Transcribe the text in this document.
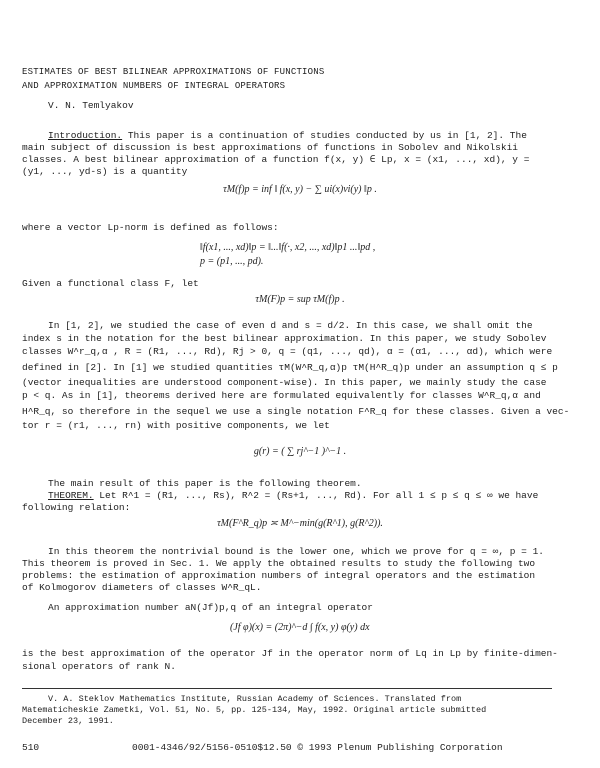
ESTIMATES OF BEST BILINEAR APPROXIMATIONS OF FUNCTIONS
AND APPROXIMATION NUMBERS OF INTEGRAL OPERATORS
V. N. Temlyakov
Introduction. This paper is a continuation of studies conducted by us in [1, 2]. The
main subject of discussion is best approximations of functions in Sobolev and Nikolskii
classes. A best bilinear approximation of a function f(x, y) ∈ Lp, x = (x1, ..., xd), y =
(y1, ..., yd-s) is a quantity
τM(f)p = inf ‖ f(x, y) − ∑ ui(x)vi(y) ‖p .
where a vector Lp-norm is defined as follows:
‖f(x1, ..., xd)‖p = ‖...‖f(·, x2, ..., xd)‖p1 ...‖pd ,
p = (p1, ..., pd).
Given a functional class F, let
τM(F)p = sup τM(f)p .
In [1, 2], we studied the case of even d and s = d/2. In this case, we shall omit the
index s in the notation for the best bilinear approximation. In this paper, we study Sobolev
classes W^r_q,α , R = (R1, ..., Rd), Rj > 0, q = (q1, ..., qd), α = (α1, ..., αd), which were
defined in [2]. In [1] we studied quantities τM(W^R_q,α)p τM(H^R_q)p under an assumption q ≤ p
(vector inequalities are understood component-wise). In this paper, we mainly study the case
p < q. As in [1], theorems derived here are formulated equivalently for classes W^R_q,α and
H^R_q, so therefore in the sequel we use a single notation F^R_q for these classes. Given a vec-
tor r = (r1, ..., rn) with positive components, we let
g(r) = ( ∑ rj^−1 )^−1 .
The main result of this paper is the following theorem.
THEOREM. Let R^1 = (R1, ..., Rs), R^2 = (Rs+1, ..., Rd). For all 1 ≤ p ≤ q ≤ ∞ we have
following relation:
τM(F^R_q)p ≍ M^−min(g(R^1), g(R^2)).
In this theorem the nontrivial bound is the lower one, which we prove for q = ∞, p = 1.
This theorem is proved in Sec. 1. We apply the obtained results to study the following two
problems: the estimation of approximation numbers of integral operators and the estimation
of Kolmogorov diameters of classes W^R_qL.
An approximation number aN(Jf)p,q of an integral operator
(Jf φ)(x) = (2π)^−d ∫ f(x, y) φ(y) dx
is the best approximation of the operator Jf in the operator norm of Lq in Lp by finite-dimen-
sional operators of rank N.
V. A. Steklov Mathematics Institute, Russian Academy of Sciences. Translated from
Matematicheskie Zametki, Vol. 51, No. 5, pp. 125-134, May, 1992. Original article submitted
December 23, 1991.
510	0001-4346/92/5156-0510$12.50 © 1993 Plenum Publishing Corporation
